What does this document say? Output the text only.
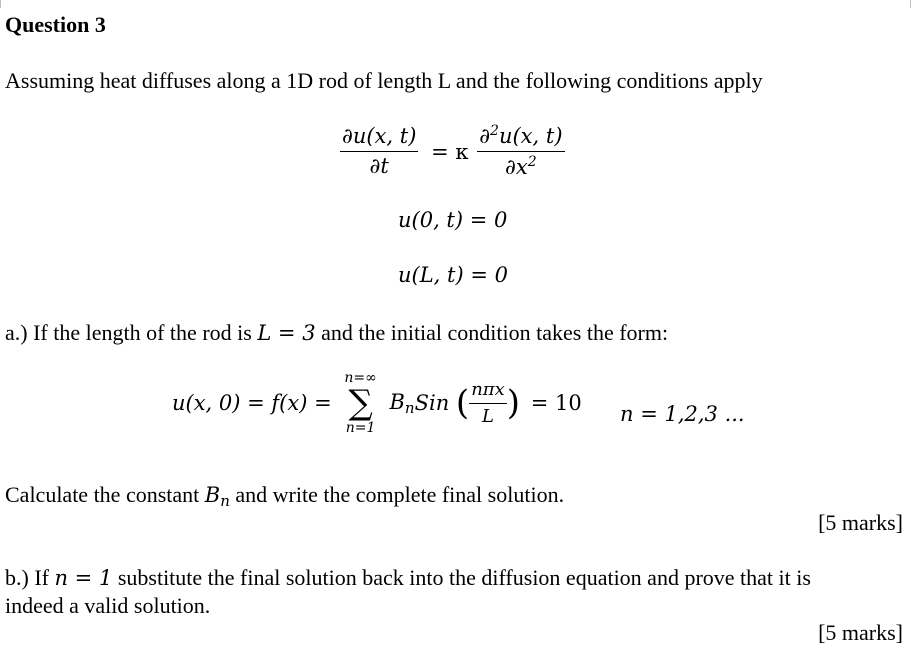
Question 3
Assuming heat diffuses along a 1D rod of length L and the following conditions apply
$\frac{\partial u(x, t)}{\partial t} = \kappa \frac{\partial^2u(x, t)}{\partial x^2}$
u(0, t) = 0
u(L, t) = 0
a.) If the length of the rod is L = 3 and the initial condition takes the form:
u(x, 0) = f(x) =
n=∞
∑
n=1
$B_nSin$ ( $\frac{\text{nπx}}{L}$ ) = 10 n = 1,2,3 ...
Calculate the constant $B_n$ and write the complete final solution.
[5 marks]
b.) If n = 1 substitute the final solution back into the diffusion equation and prove that it is
indeed a valid solution.
[5 marks]
